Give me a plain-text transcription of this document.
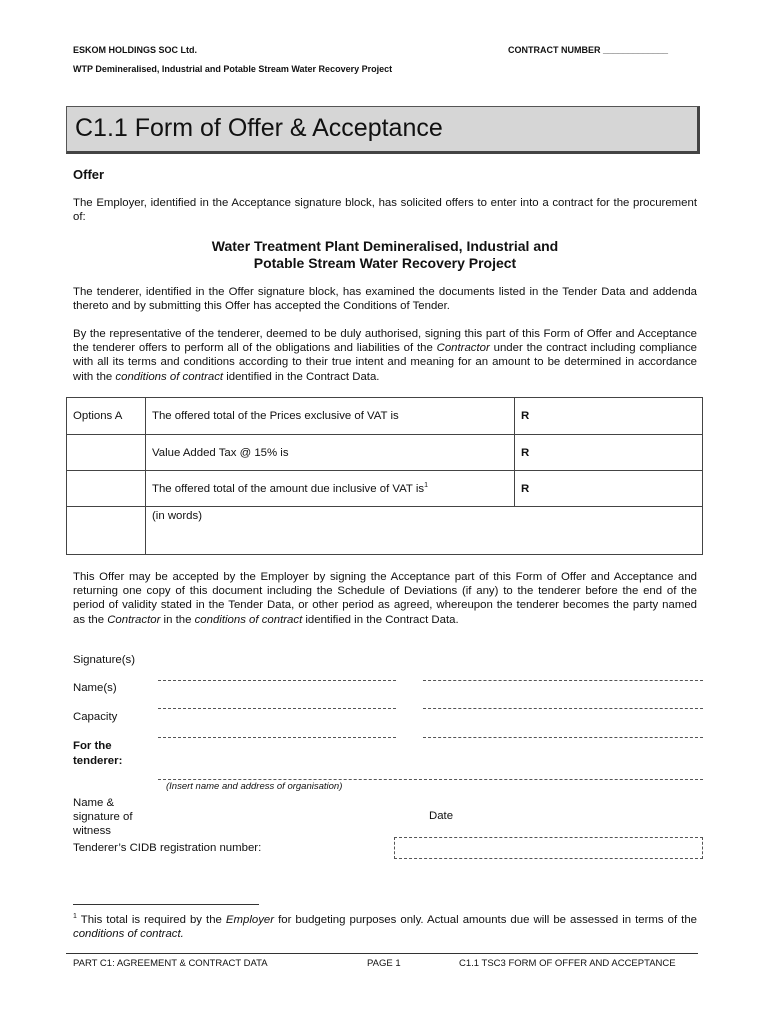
ESKOM HOLDINGS SOC Ltd.	CONTRACT NUMBER _____________
WTP Demineralised, Industrial and Potable Stream Water Recovery Project
C1.1 Form of Offer & Acceptance
Offer
The Employer, identified in the Acceptance signature block, has solicited offers to enter into a contract for the procurement of:
Water Treatment Plant Demineralised, Industrial and
Potable Stream Water Recovery Project
The tenderer, identified in the Offer signature block, has examined the documents listed in the Tender Data and addenda thereto and by submitting this Offer has accepted the Conditions of Tender.
By the representative of the tenderer, deemed to be duly authorised, signing this part of this Form of Offer and Acceptance the tenderer offers to perform all of the obligations and liabilities of the Contractor under the contract including compliance with all its terms and conditions according to their true intent and meaning for an amount to be determined in accordance with the conditions of contract identified in the Contract Data.
Options A	The offered total of the Prices exclusive of VAT is	R
	Value Added Tax @ 15% is	R
	The offered total of the amount due inclusive of VAT $is^1$	R
	(in words)	
This Offer may be accepted by the Employer by signing the Acceptance part of this Form of Offer and Acceptance and returning one copy of this document including the Schedule of Deviations (if any) to the tenderer before the end of the period of validity stated in the Tender Data, or other period as agreed, whereupon the tenderer becomes the party named as the Contractor in the conditions of contract identified in the Contract Data.
Signature(s)
Name(s)
Capacity
For the tenderer:
(Insert name and address of organisation)
Name & signature of witness
Date
Tenderer’s CIDB registration number:
$^1$ This total is required by the Employer for budgeting purposes only. Actual amounts due will be assessed in terms of the conditions of contract.
PART C1: AGREEMENT & CONTRACT DATA	PAGE 1	C1.1 TSC3 FORM OF OFFER AND ACCEPTANCE
